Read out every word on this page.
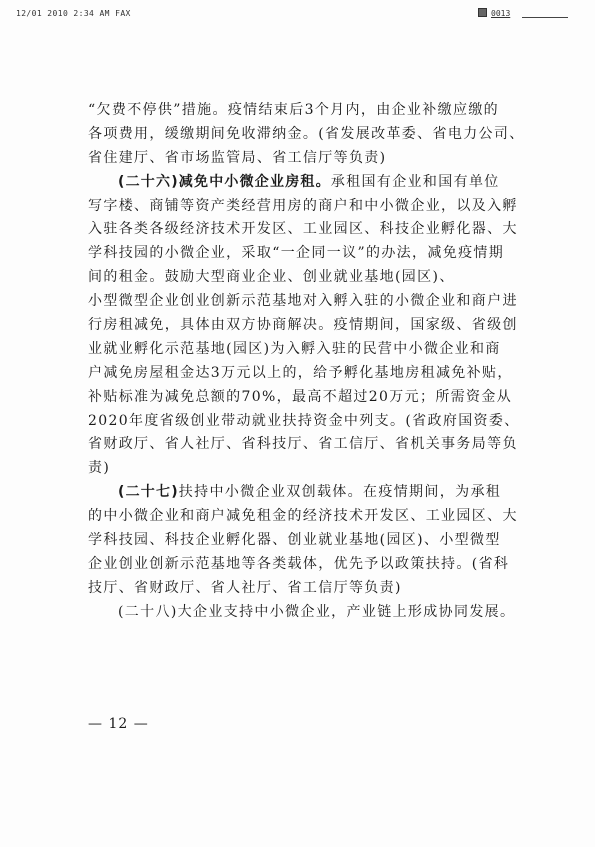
12/01 2010 2:34 AM FAX	0013
“欠费不停供”措施。疫情结束后3个月内，由企业补缴应缴的
各项费用，缓缴期间免收滞纳金。(省发展改革委、省电力公司、
省住建厅、省市场监管局、省工信厅等负责)
(二十六)减免中小微企业房租。承租国有企业和国有单位
写字楼、商铺等资产类经营用房的商户和中小微企业，以及入孵
入驻各类各级经济技术开发区、工业园区、科技企业孵化器、大
学科技园的小微企业，采取“一企同一议”的办法，减免疫情期
间的租金。鼓励大型商业企业、创业就业基地(园区)、
小型微型企业创业创新示范基地对入孵入驻的小微企业和商户进
行房租减免，具体由双方协商解决。疫情期间，国家级、省级创
业就业孵化示范基地(园区)为入孵入驻的民营中小微企业和商
户减免房屋租金达3万元以上的，给予孵化基地房租减免补贴，
补贴标准为减免总额的70%，最高不超过20万元；所需资金从
2020年度省级创业带动就业扶持资金中列支。(省政府国资委、
省财政厅、省人社厅、省科技厅、省工信厅、省机关事务局等负
责)
(二十七)扶持中小微企业双创载体。在疫情期间，为承租
的中小微企业和商户减免租金的经济技术开发区、工业园区、大
学科技园、科技企业孵化器、创业就业基地(园区)、小型微型
企业创业创新示范基地等各类载体，优先予以政策扶持。(省科
技厅、省财政厅、省人社厅、省工信厅等负责)
(二十八)大企业支持中小微企业，产业链上形成协同发展。
— 12 —
